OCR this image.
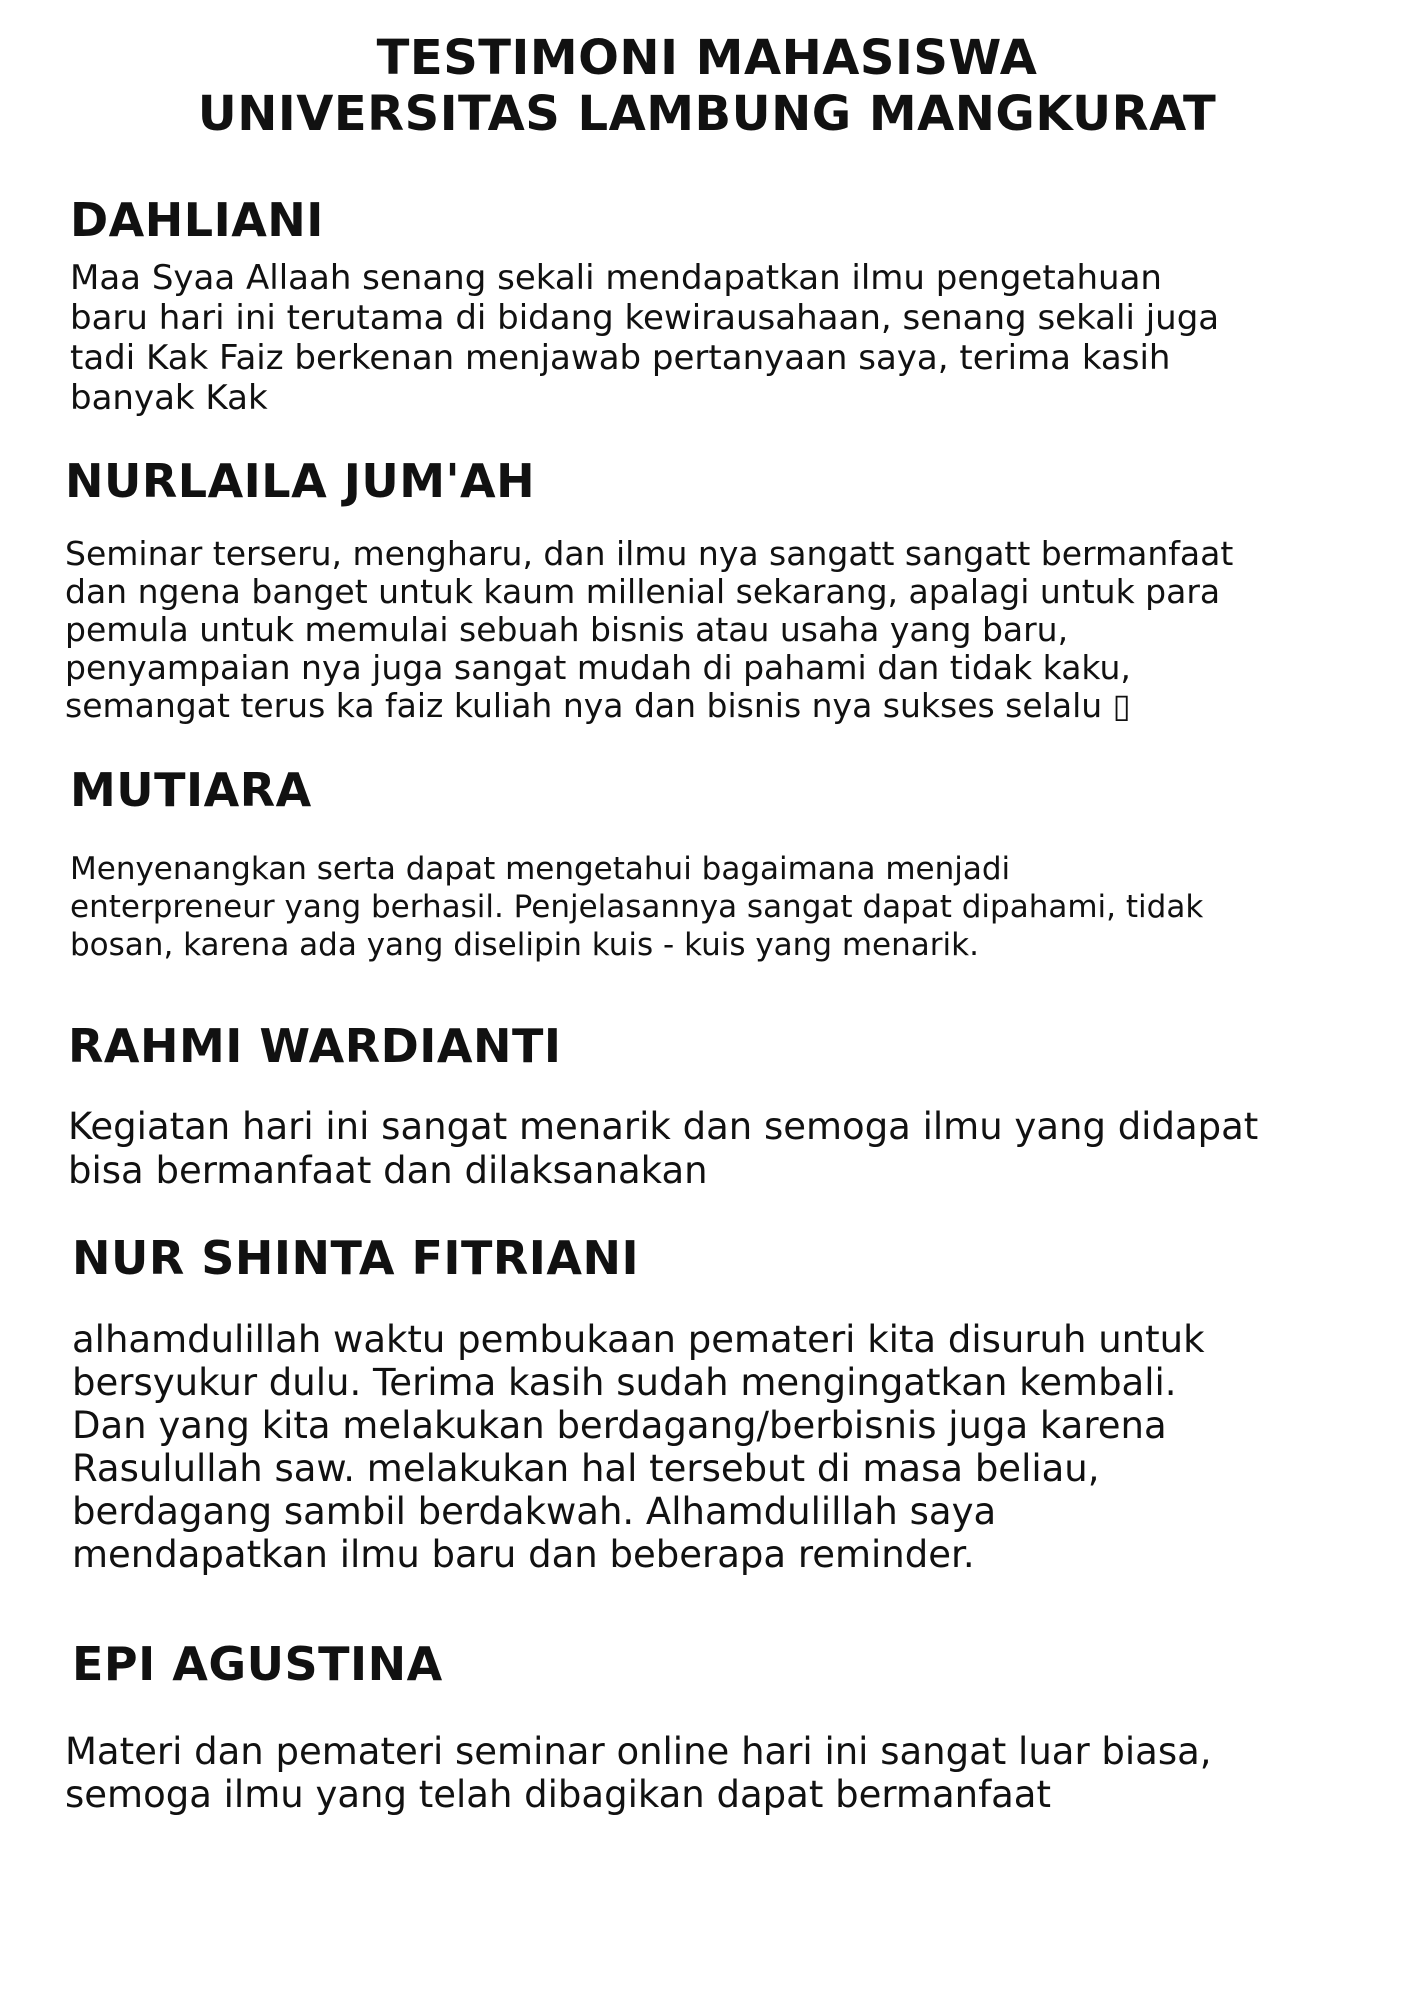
TESTIMONI MAHASISWA
UNIVERSITAS LAMBUNG MANGKURAT
DAHLIANI

Maa Syaa Allaah senang sekali mendapatkan ilmu pengetahuan
baru hari ini terutama di bidang kewirausahaan, senang sekali juga
tadi Kak Faiz berkenan menjawab pertanyaan saya, terima kasih
banyak Kak

NURLAILA JUM'AH

Seminar terseru, mengharu, dan ilmu nya sangatt sangatt bermanfaat
dan ngena banget untuk kaum millenial sekarang, apalagi untuk para
pemula untuk memulai sebuah bisnis atau usaha yang baru,
penyampaian nya juga sangat mudah di pahami dan tidak kaku,
semangat terus ka faiz kuliah nya dan bisnis nya sukses selalu ▯

MUTIARA

Menyenangkan serta dapat mengetahui bagaimana menjadi
enterpreneur yang berhasil. Penjelasannya sangat dapat dipahami, tidak
bosan, karena ada yang diselipin kuis - kuis yang menarik.

RAHMI WARDIANTI

Kegiatan hari ini sangat menarik dan semoga ilmu yang didapat
bisa bermanfaat dan dilaksanakan

NUR SHINTA FITRIANI

alhamdulillah waktu pembukaan pemateri kita disuruh untuk
bersyukur dulu. Terima kasih sudah mengingatkan kembali.
Dan yang kita melakukan berdagang/berbisnis juga karena
Rasulullah saw. melakukan hal tersebut di masa beliau,
berdagang sambil berdakwah. Alhamdulillah saya
mendapatkan ilmu baru dan beberapa reminder.

EPI AGUSTINA

Materi dan pemateri seminar online hari ini sangat luar biasa,
semoga ilmu yang telah dibagikan dapat bermanfaat
